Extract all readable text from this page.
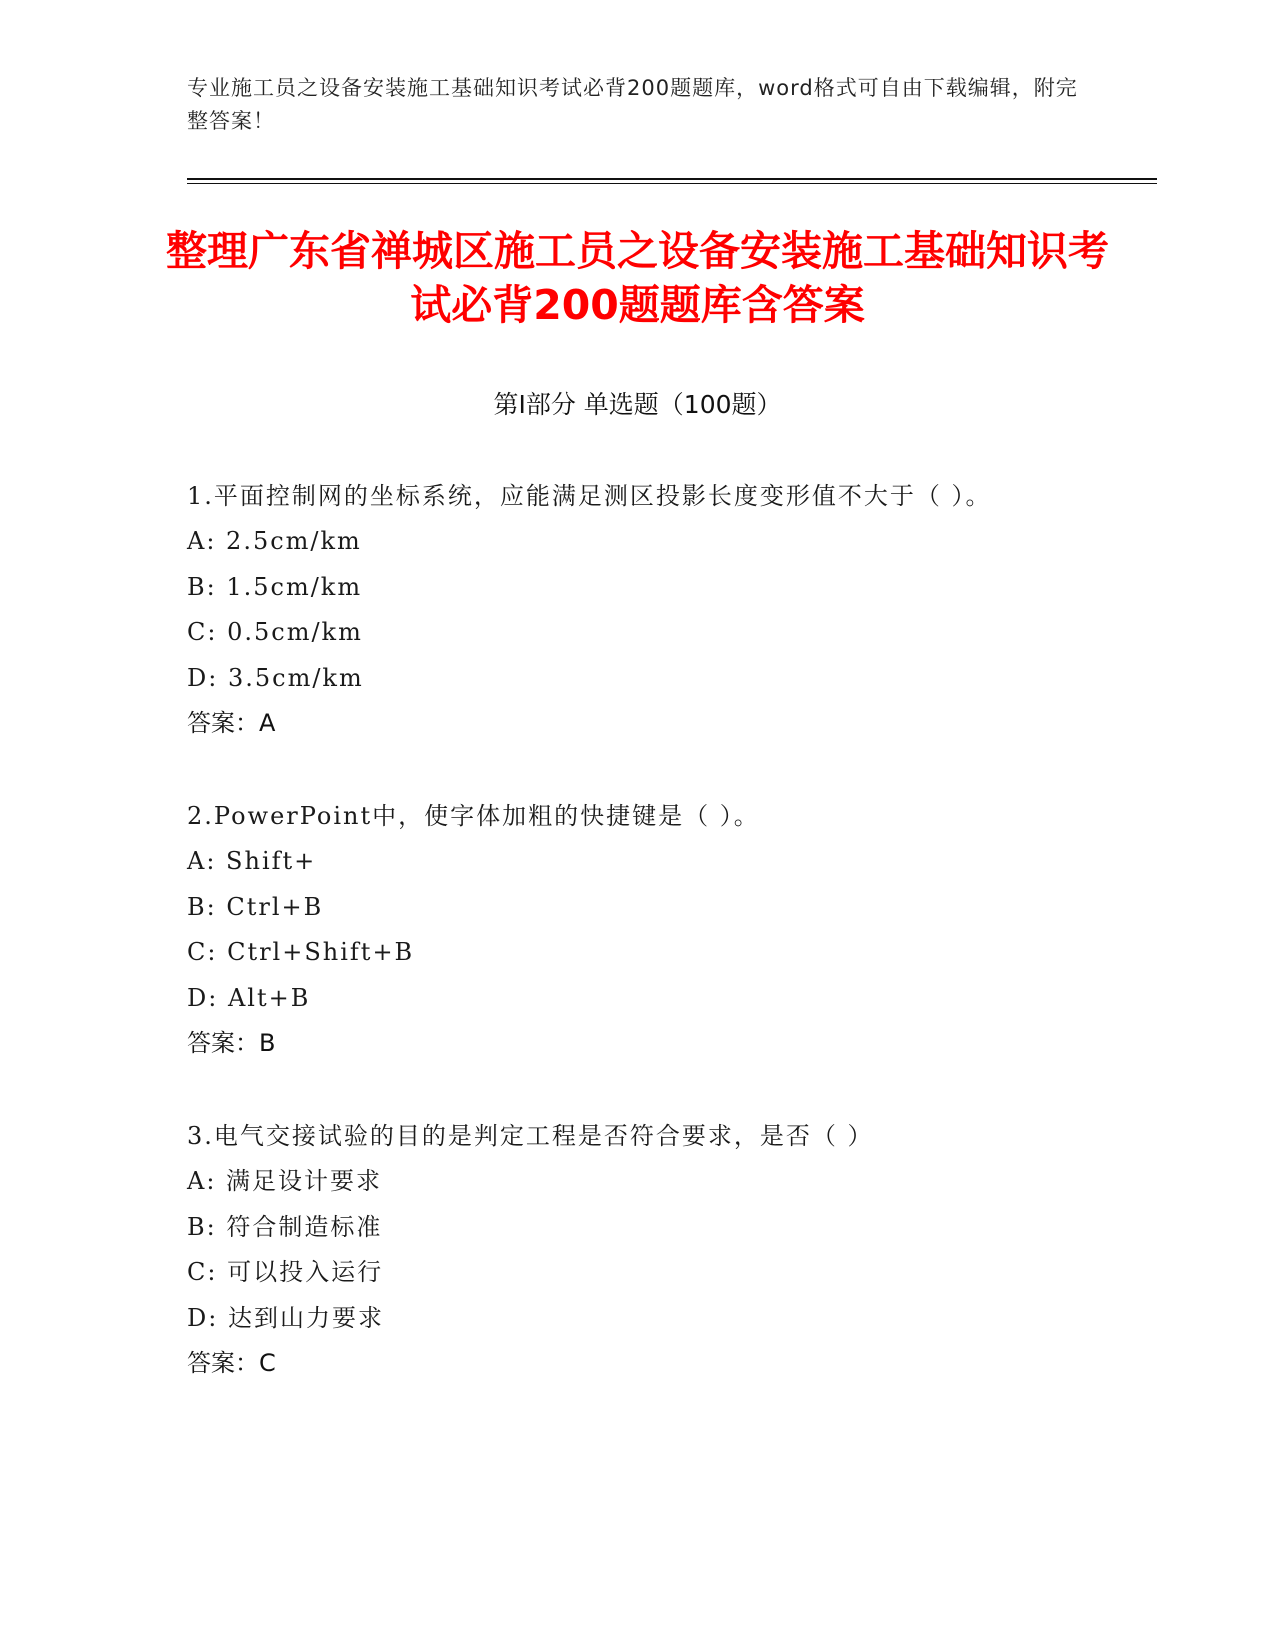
专业施工员之设备安装施工基础知识考试必背200题题库，word格式可自由下载编辑，附完整答案！
整理广东省禅城区施工员之设备安装施工基础知识考试必背200题题库含答案
第Ⅰ部分 单选题（100题）
1.平面控制网的坐标系统，应能满足测区投影长度变形值不大于（ ）。
A: 2.5cm/km
B: 1.5cm/km
C: 0.5cm/km
D: 3.5cm/km
答案：A
2.PowerPoint中，使字体加粗的快捷键是（ ）。
A: Shift+
B: Ctrl+B
C: Ctrl+Shift+B
D: Alt+B
答案：B
3.电气交接试验的目的是判定工程是否符合要求，是否（ ）
A: 满足设计要求
B: 符合制造标准
C: 可以投入运行
D: 达到山力要求
答案：C
